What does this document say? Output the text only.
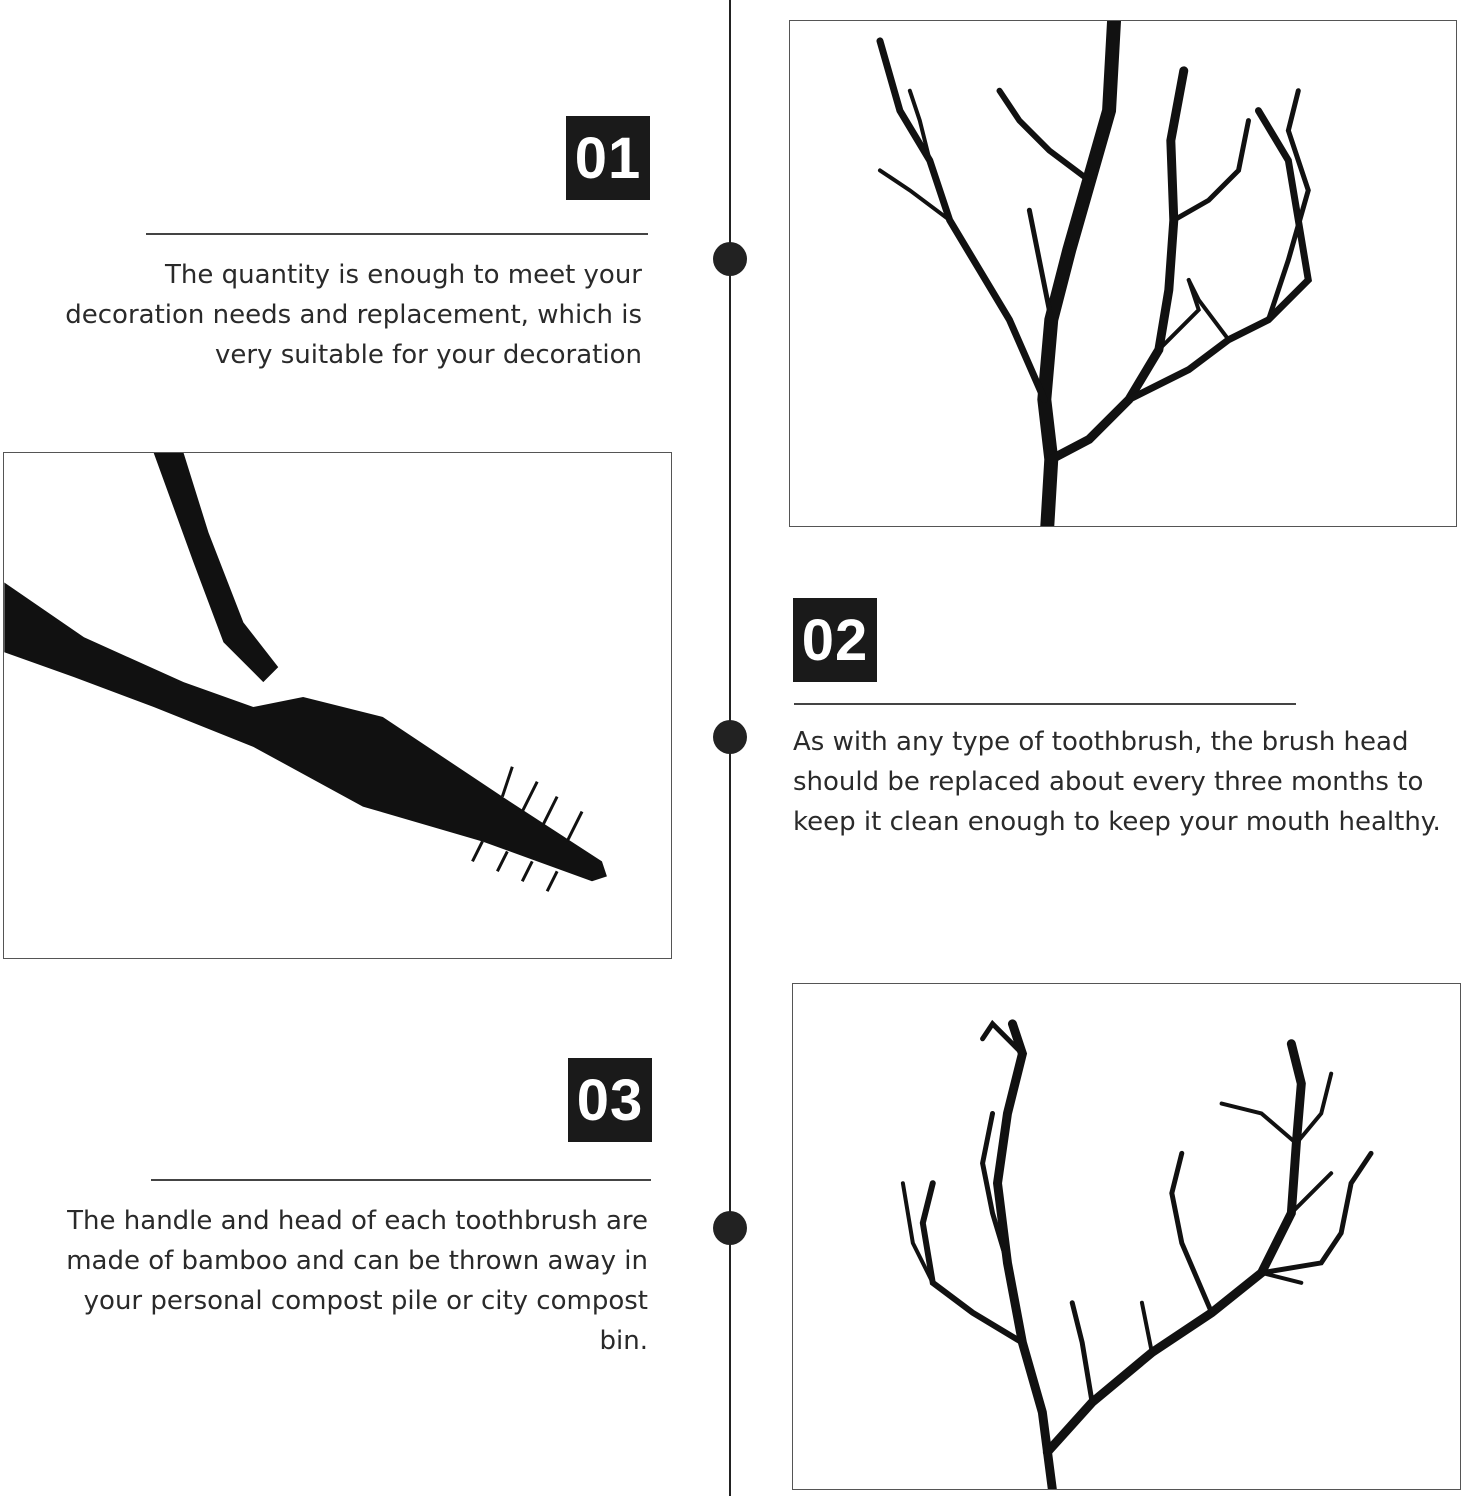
01

The quantity is enough to meet your decoration needs and replacement, which is very suitable for your decoration

02

As with any type of toothbrush, the brush head should be replaced about every three months to keep it clean enough to keep your mouth healthy.

03

The handle and head of each toothbrush are made of bamboo and can be thrown away in your personal compost pile or city compost bin.
